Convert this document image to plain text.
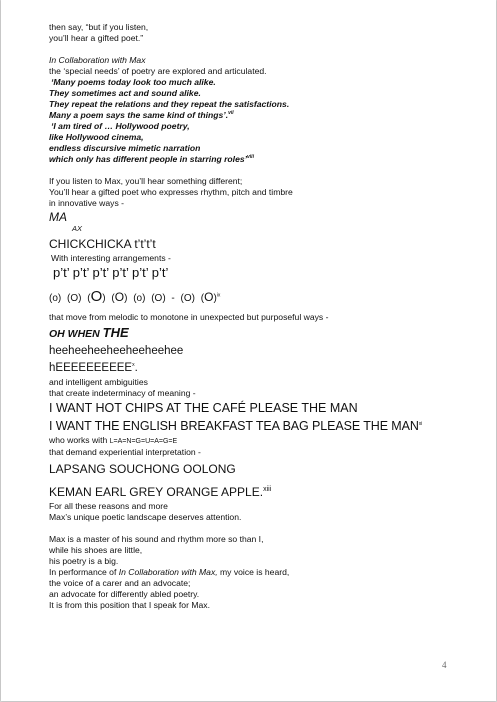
then say, “but if you listen,
you’ll hear a gifted poet.”
In Collaboration with Max
the ‘special needs’ of poetry are explored and articulated.
‘Many poems today look too much alike.
They sometimes act and sound alike.
They repeat the relations and they repeat the satisfactions.
Many a poem says the same kind of things’.$^{vii}$
‘I am tired of … Hollywood poetry,
like Hollywood cinema,
endless discursive mimetic narration
which only has different people in starring roles’$^{viii}$
If you listen to Max, you’ll hear something different;
You’ll hear a gifted poet who expresses rhythm, pitch and timbre
in innovative ways -
MA
AX
CHICKCHICKA t’t’t’t
With interesting arrangements -
p’t’ p’t’ p’t’ p’t’ p’t’ p’t’
(o) (O) (O) (O) (o) (O) - (O) $(O)^{ix}$
that move from melodic to monotone in unexpected but purposeful ways -
OH WHEN THE
heeheeheeheeheeheehee
hEEEEEEEEEE$^x$.
and intelligent ambiguities
that create indeterminacy of meaning -
I WANT HOT CHIPS AT THE CAFÉ PLEASE THE MAN
I WANT THE ENGLISH BREAKFAST TEA BAG PLEASE THE MAN$^{xi}$
who works with L=A=N=G=U=A=G=E
that demand experiential interpretation -
LAPSANG SOUCHONG OOLONG
KEMAN EARL GREY ORANGE APPLE.$^{xiii}$
For all these reasons and more
Max’s unique poetic landscape deserves attention.
Max is a master of his sound and rhythm more so than I,
while his shoes are little,
his poetry is a big.
In performance of In Collaboration with Max, my voice is heard,
the voice of a carer and an advocate;
an advocate for differently abled poetry.
It is from this position that I speak for Max.
4
